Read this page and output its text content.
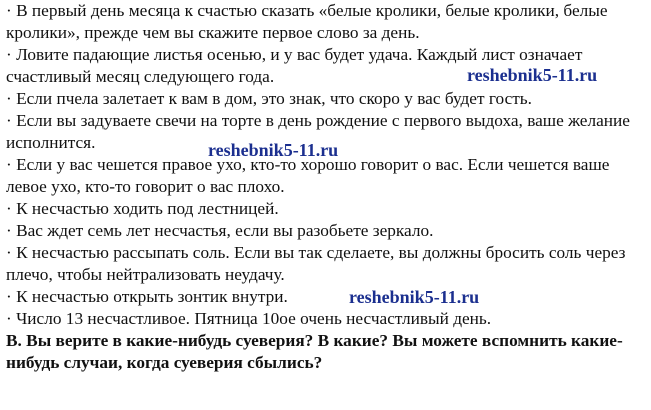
· В первый день месяца к счастью сказать «белые кролики, белые кролики, белые кролики», прежде чем вы скажите первое слово за день.

· Ловите падающие листья осенью, и у вас будет удача. Каждый лист означает счастливый месяц следующего года.

· Если пчела залетает к вам в дом, это знак, что скоро у вас будет гость.

· Если вы задуваете свечи на торте в день рождение с первого выдоха, ваше желание исполнится.

· Если у вас чешется правое ухо, кто-то хорошо говорит о вас. Если чешется ваше левое ухо, кто-то говорит о вас плохо.

· К несчастью ходить под лестницей.

· Вас ждет семь лет несчастья, если вы разобьете зеркало.

· К несчастью рассыпать соль. Если вы так сделаете, вы должны бросить соль через плечо, чтобы нейтрализовать неудачу.

· К несчастью открыть зонтик внутри.

· Число 13 несчастливое. Пятница 10ое очень несчастливый день.

B. Вы верите в какие-нибудь суеверия? В какие? Вы можете вспомнить какие-нибудь случаи, когда суеверия сбылись?

reshebnik5-11.ru
reshebnik5-11.ru
reshebnik5-11.ru
